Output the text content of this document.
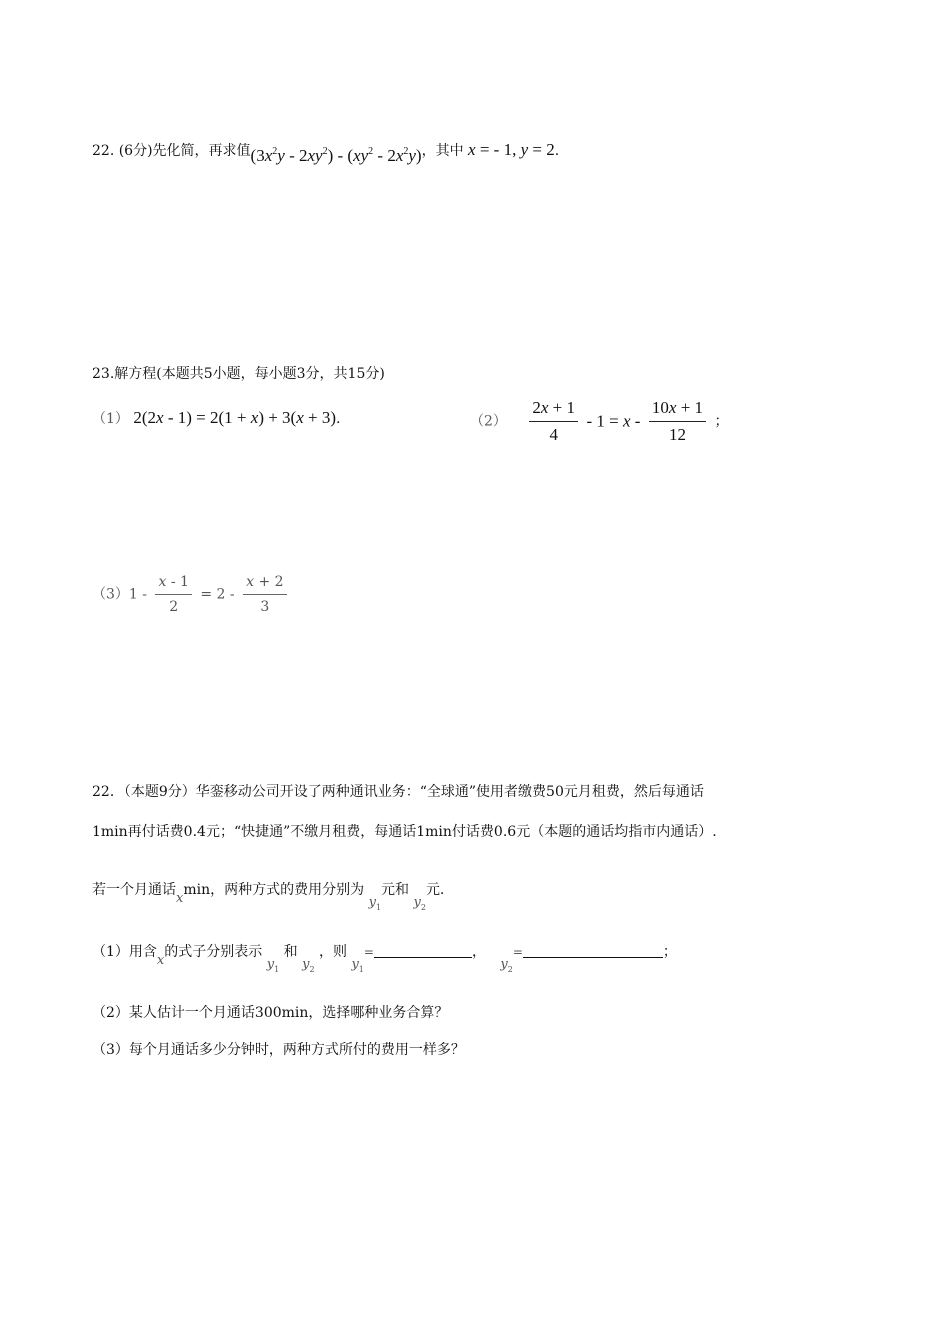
22. (6分)先化简，再求值$(3x^2y - 2xy^2) - (xy^2 - 2x^2y)$，其中 x = - 1, y = 2.
23.解方程(本题共5小题，每小题3分，共15分)
（1） 2(2x - 1) = 2(1 + x) + 3(x + 3).	$(2) \frac{2x + 1}{4} - 1 = x - \frac{10x + 1}{12}$ ；
$(3)1 - \frac{x - 1}{2} = 2 - \frac{x + 2}{3}$
22．（本题9分）华銮移动公司开设了两种通讯业务：“全球通”使用者缴费50元月租费，然后每通话
1min再付话费0.4元；“快捷通”不缴月租费，每通话1min付话费0.6元（本题的通话均指市内通话）.
若一个月通话xmin，两种方式的费用分别为 $y_1$元和 $y_2$元.
（1）用含x的式子分别表示 $y_1$ 和 $y_2$ ，则 $y_1=$	， $y_2=$	；
（2）某人估计一个月通话300min，选择哪种业务合算？
（3）每个月通话多少分钟时，两种方式所付的费用一样多？
